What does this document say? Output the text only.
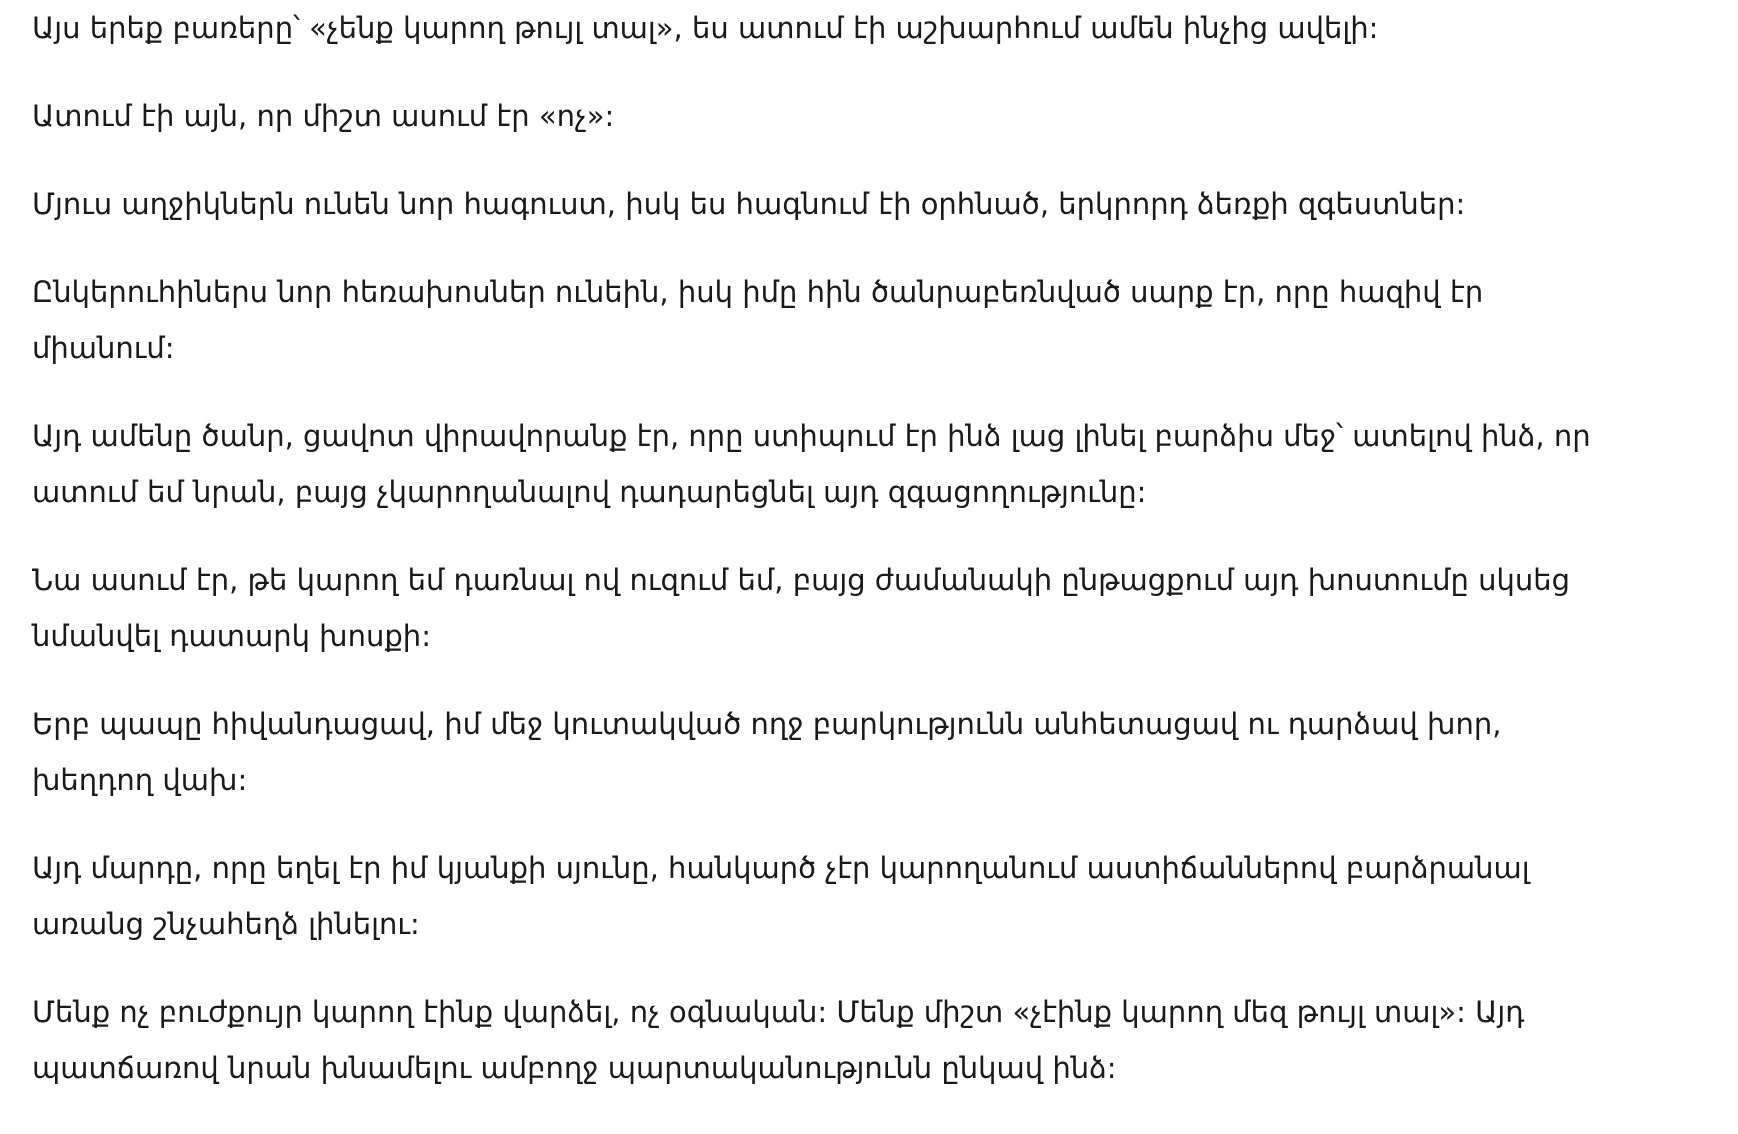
Այս երեք բառերը՝ «չենք կարող թույլ տալ», ես ատում էի աշխարհում ամեն ինչից ավելի:

Ատում էի այն, որ միշտ ասում էր «ոչ»:

Մյուս աղջիկներն ունեն նոր հագուստ, իսկ ես հագնում էի օրհնած, երկրորդ ձեռքի զգեստներ:

Ընկերուհիներս նոր հեռախոսներ ունեին, իսկ իմը հին ծանրաբեռնված սարք էր, որը հազիվ էր
միանում:

Այդ ամենը ծանր, ցավոտ վիրավորանք էր, որը ստիպում էր ինձ լաց լինել բարձիս մեջ՝ ատելով ինձ, որ
ատում եմ նրան, բայց չկարողանալով դադարեցնել այդ զգացողությունը:

Նա ասում էր, թե կարող եմ դառնալ ով ուզում եմ, բայց ժամանակի ընթացքում այդ խոստումը սկսեց
նմանվել դատարկ խոսքի:

Երբ պապը հիվանդացավ, իմ մեջ կուտակված ողջ բարկությունն անհետացավ ու դարձավ խոր,
խեղդող վախ:

Այդ մարդը, որը եղել էր իմ կյանքի սյունը, հանկարծ չէր կարողանում աստիճաններով բարձրանալ
առանց շնչահեղձ լինելու:

Մենք ոչ բուժքույր կարող էինք վարձել, ոչ օգնական: Մենք միշտ «չէինք կարող մեզ թույլ տալ»: Այդ
պատճառով նրան խնամելու ամբողջ պարտականությունն ընկավ ինձ:
